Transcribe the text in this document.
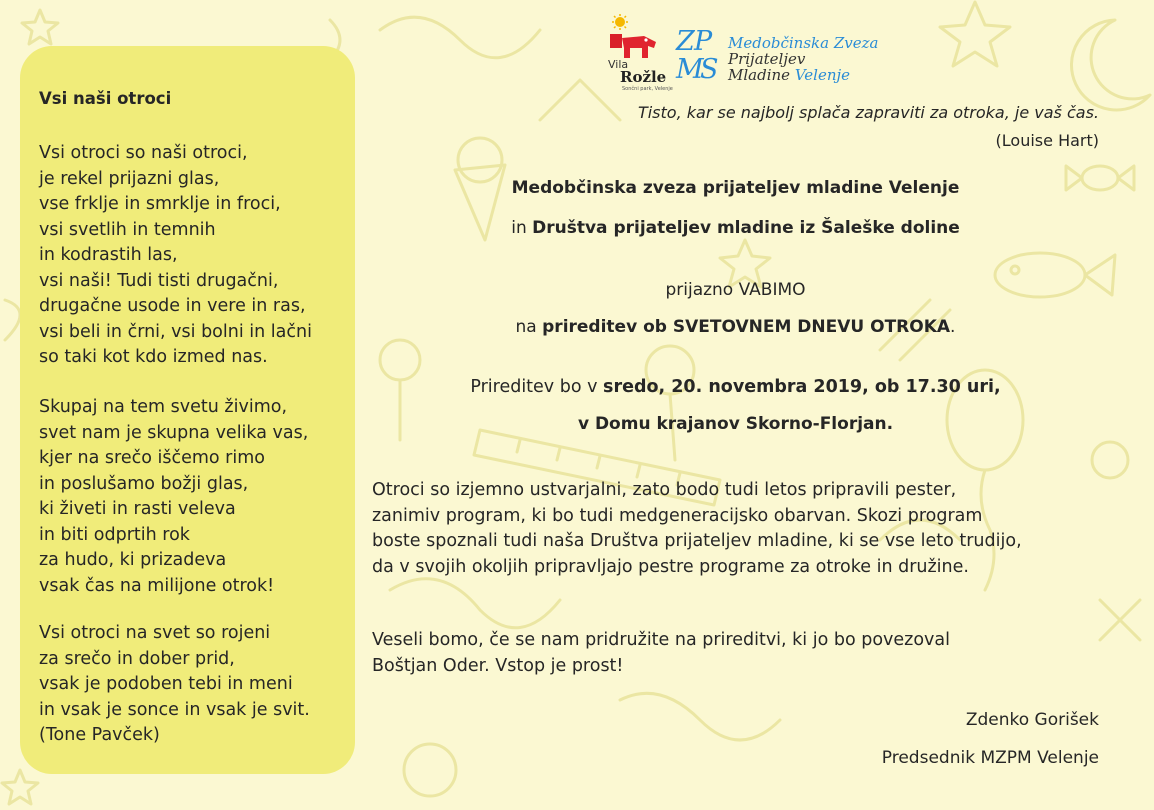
Vsi naši otroci
Vsi otroci so naši otroci,
je rekel prijazni glas,
vse frklje in smrklje in froci,
vsi svetlih in temnih
in kodrastih las,
vsi naši! Tudi tisti drugačni,
drugačne usode in vere in ras,
vsi beli in črni, vsi bolni in lačni
so taki kot kdo izmed nas.
Skupaj na tem svetu živimo,
svet nam je skupna velika vas,
kjer na srečo iščemo rimo
in poslušamo božji glas,
ki živeti in rasti veleva
in biti odprtih rok
za hudo, ki prizadeva
vsak čas na milijone otrok!
Vsi otroci na svet so rojeni
za srečo in dober prid,
vsak je podoben tebi in meni
in vsak je sonce in vsak je svit.
(Tone Pavček)
Vila
Rožle
Sončni park, Velenje
Z P
M
S
Medobčinska Zveza
Prijateljev
Mladine Velenje
Tisto, kar se najbolj splača zapraviti za otroka, je vaš čas.
(Louise Hart)
Medobčinska zveza prijateljev mladine Velenje
in Društva prijateljev mladine iz Šaleške doline
prijazno VABIMO
na prireditev ob SVETOVNEM DNEVU OTROKA.
Prireditev bo v sredo, 20. novembra 2019, ob 17.30 uri,
v Domu krajanov Skorno-Florjan.
Otroci so izjemno ustvarjalni, zato bodo tudi letos pripravili pester,
zanimiv program, ki bo tudi medgeneracijsko obarvan. Skozi program
boste spoznali tudi naša Društva prijateljev mladine, ki se vse leto trudijo,
da v svojih okoljih pripravljajo pestre programe za otroke in družine.
Veseli bomo, če se nam pridružite na prireditvi, ki jo bo povezoval
Boštjan Oder. Vstop je prost!
Zdenko Gorišek
Predsednik MZPM Velenje
